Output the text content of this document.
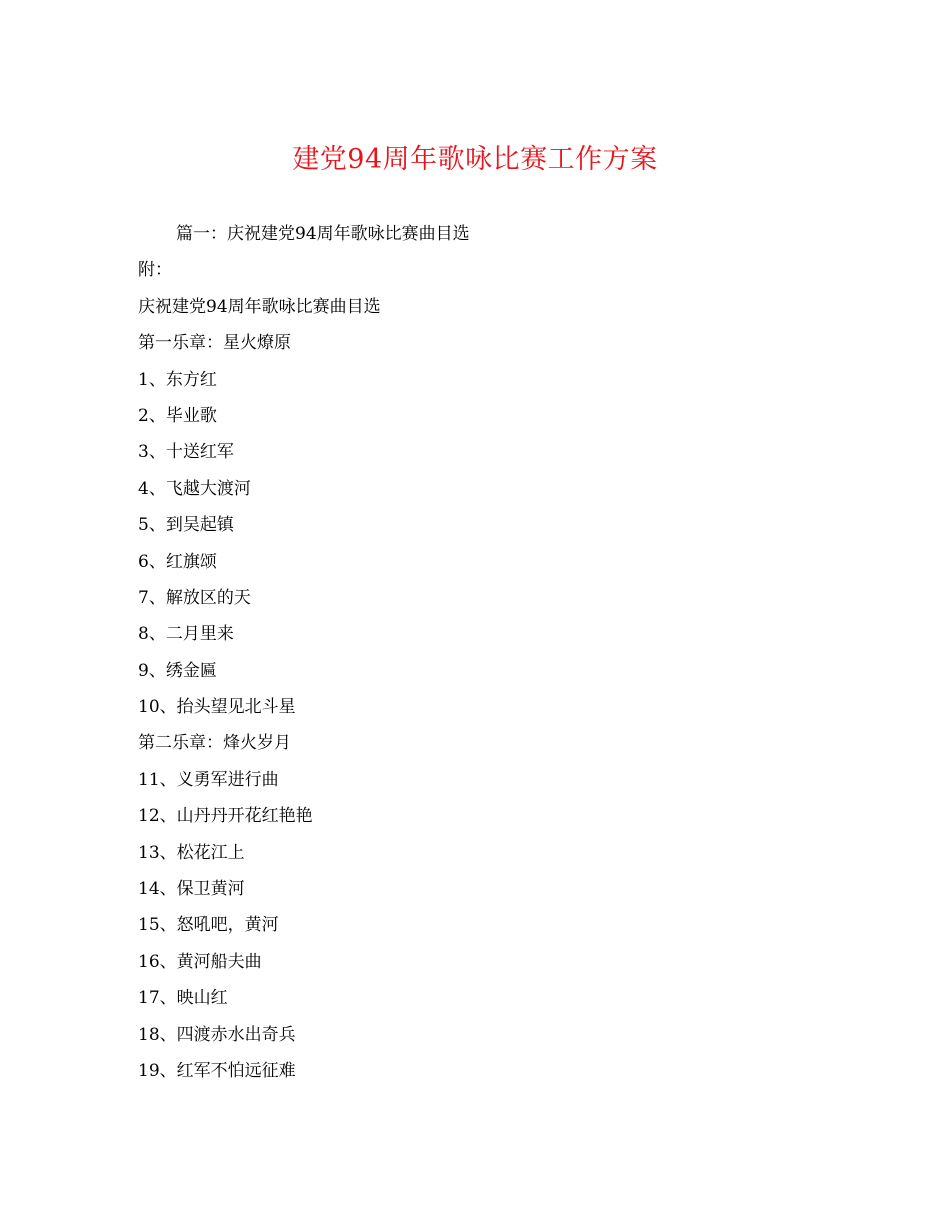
建党94周年歌咏比赛工作方案
篇一：庆祝建党94周年歌咏比赛曲目选
附：
庆祝建党94周年歌咏比赛曲目选
第一乐章：星火燎原
1、东方红
2、毕业歌
3、十送红军
4、飞越大渡河
5、到吴起镇
6、红旗颂
7、解放区的天
8、二月里来
9、绣金匾
10、抬头望见北斗星
第二乐章：烽火岁月
11、义勇军进行曲
12、山丹丹开花红艳艳
13、松花江上
14、保卫黄河
15、怒吼吧，黄河
16、黄河船夫曲
17、映山红
18、四渡赤水出奇兵
19、红军不怕远征难
